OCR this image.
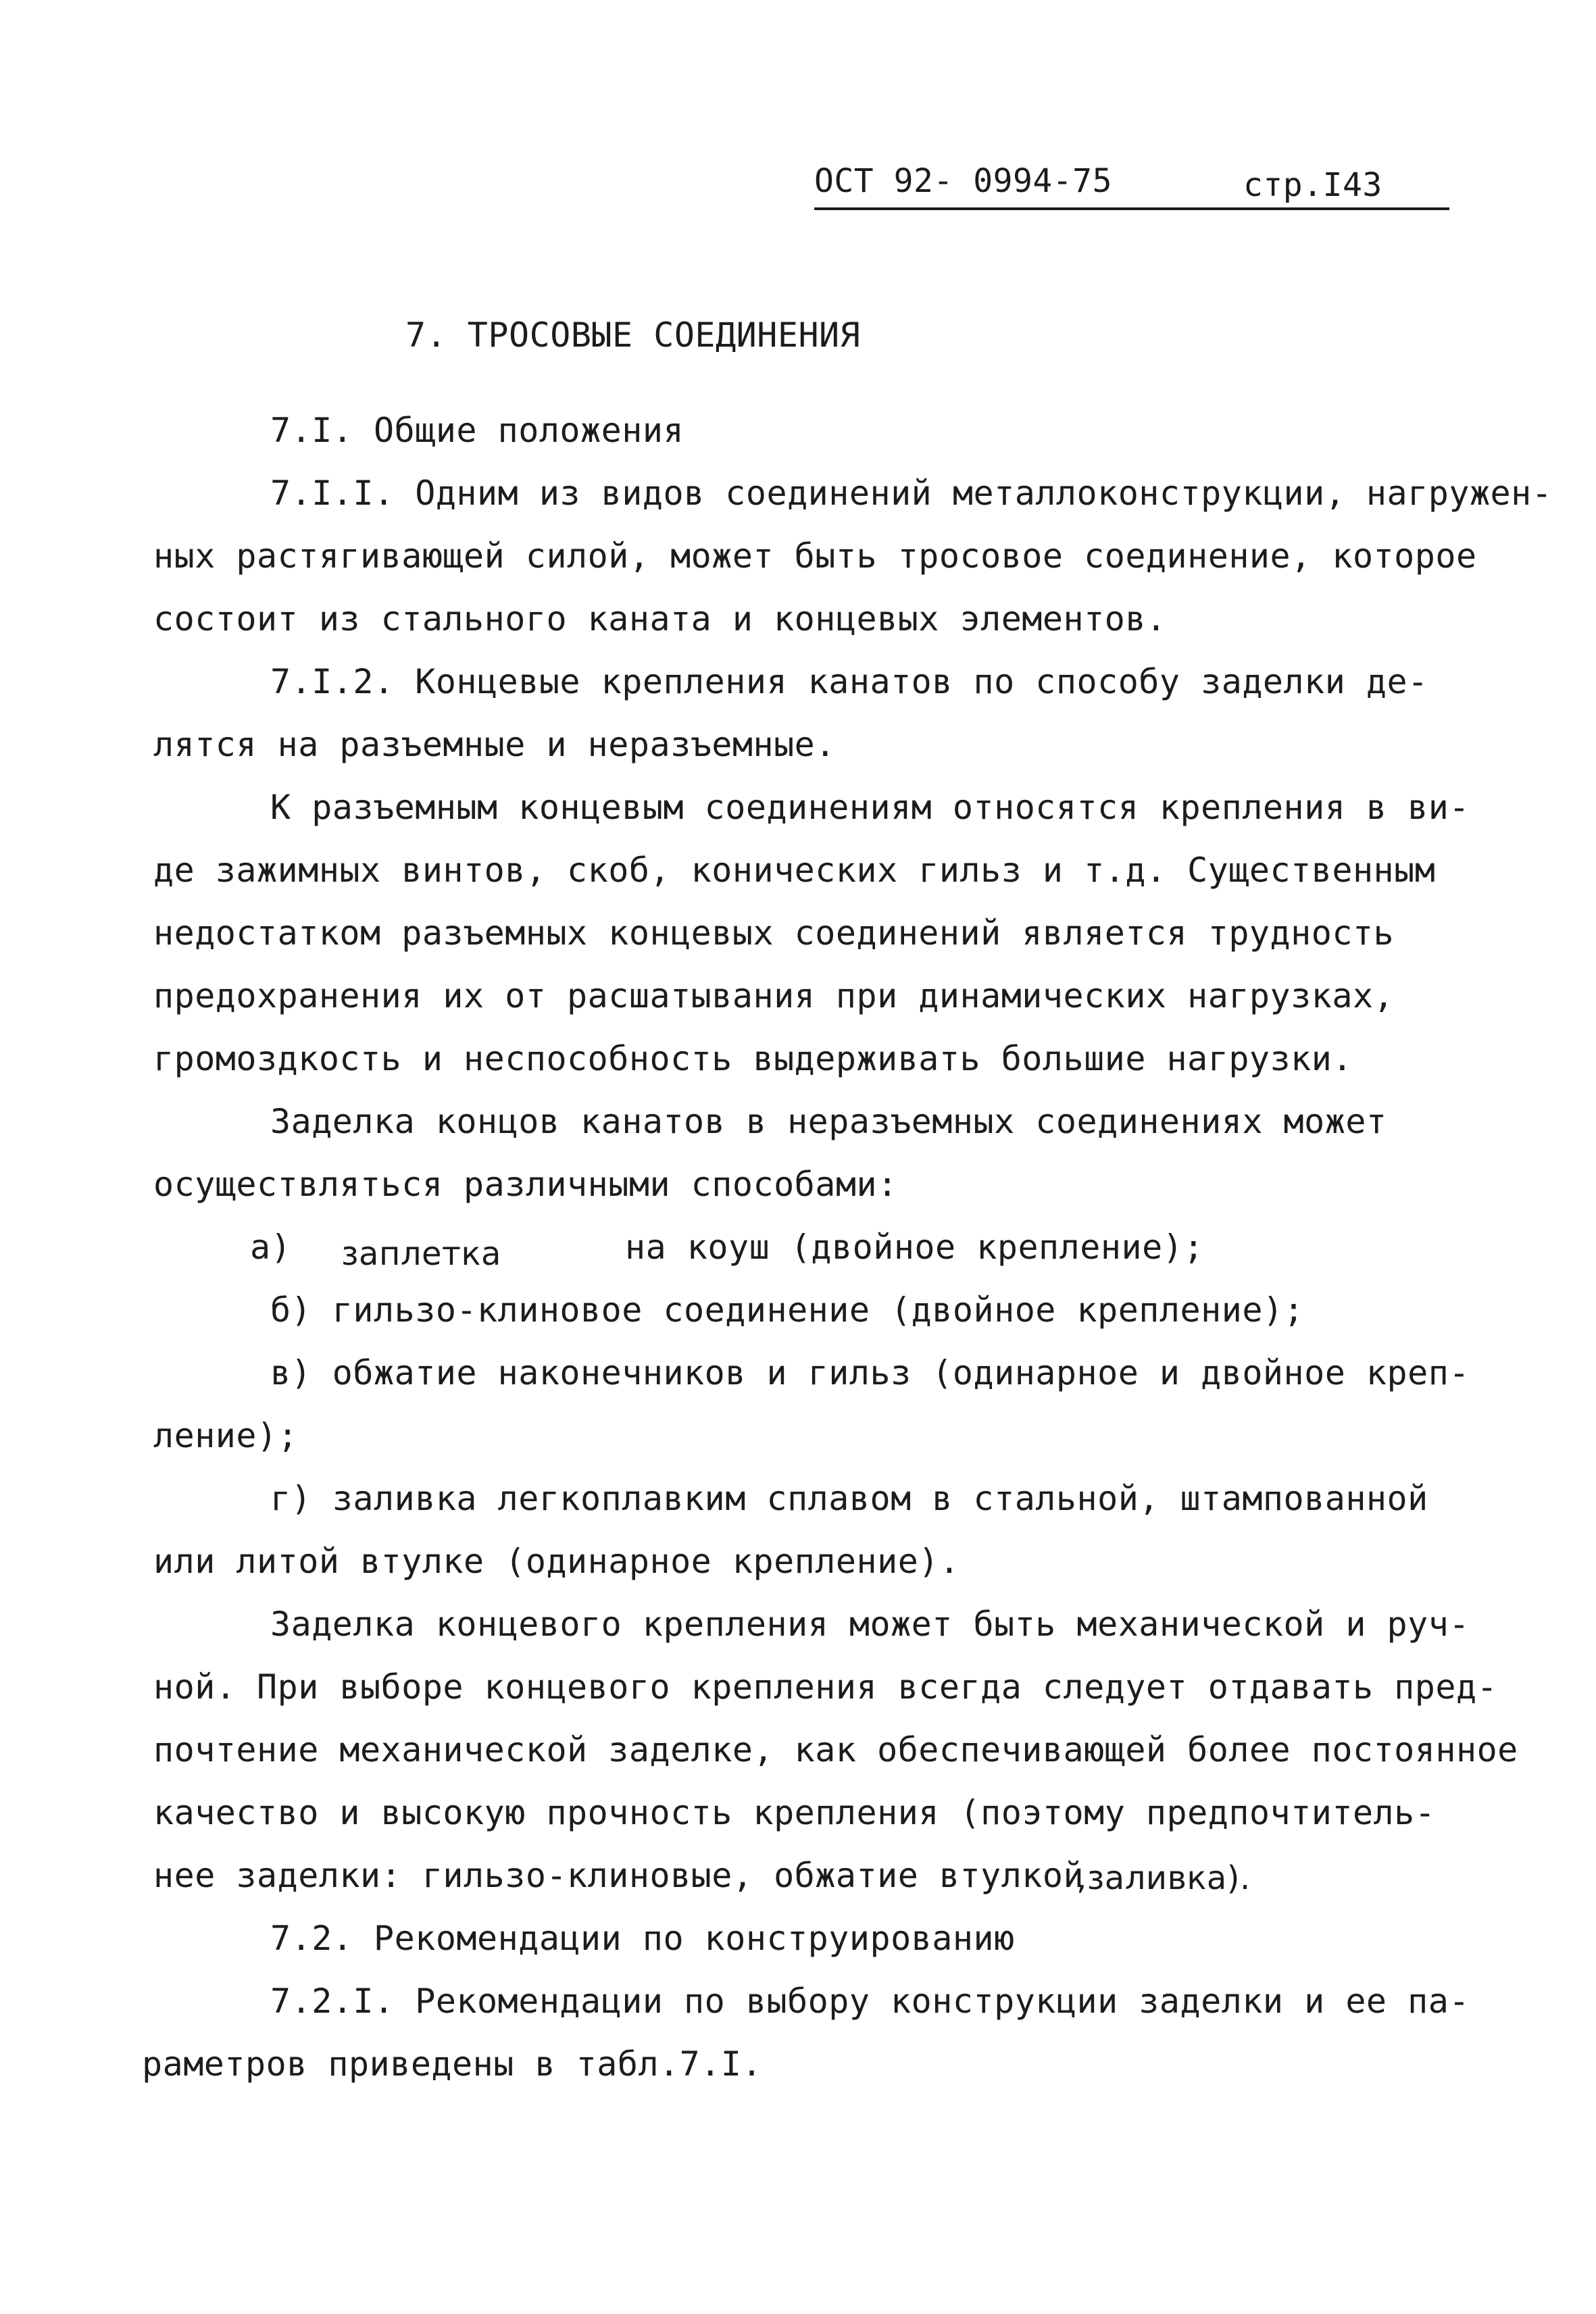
ОСТ 92- 0994-75	стр.I43
7. ТРОСОВЫЕ СОЕДИНЕНИЯ
7.I. Общие положения
7.I.I. Одним из видов соединений металлоконструкции, нагружен-
ных растягивающей силой, может быть тросовое соединение, которое
состоит из стального каната и концевых элементов.
7.I.2. Концевые крепления канатов по способу заделки де-
лятся на разъемные и неразъемные.
К разъемным концевым соединениям относятся крепления в ви-
де зажимных винтов, скоб, конических гильз и т.д. Существенным
недостатком разъемных концевых соединений является трудность
предохранения их от расшатывания при динамических нагрузках,
громоздкость и неспособность выдерживать большие нагрузки.
Заделка концов канатов в неразъемных соединениях может
осуществляться различными способами:
а) заплетка	на коуш (двойное крепление);
б) гильзо-клиновое соединение (двойное крепление);
в) обжатие наконечников и гильз (одинарное и двойное креп-
ление);
г) заливка легкоплавким сплавом в стальной, штампованной
или литой втулке (одинарное крепление).
Заделка концевого крепления может быть механической и руч-
ной. При выборе концевого крепления всегда следует отдавать пред-
почтение механической заделке, как обеспечивающей более постоянное
качество и высокую прочность крепления (поэтому предпочтитель-
нее заделки: гильзо-клиновые, обжатие втулкой
,заливка).
7.2. Рекомендации по конструированию
7.2.I. Рекомендации по выбору конструкции заделки и ее па-
раметров приведены в табл.7.I.
